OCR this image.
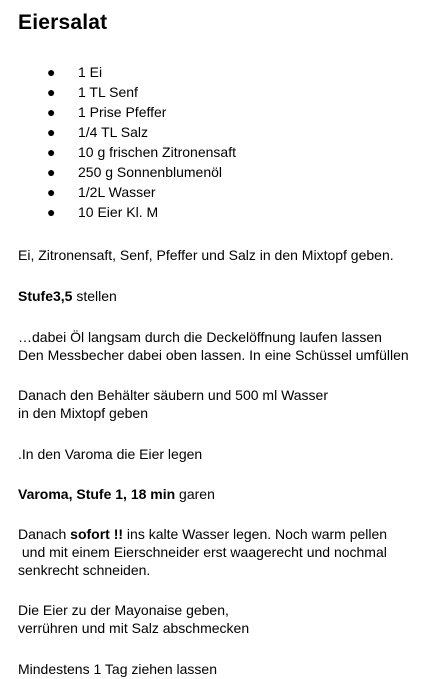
Eiersalat
● 1 Ei
● 1 TL Senf
● 1 Prise Pfeffer
● 1/4 TL Salz
● 10 g frischen Zitronensaft
● 250 g Sonnenblumenöl
● 1/2L Wasser
● 10 Eier Kl. M

Ei, Zitronensaft, Senf, Pfeffer und Salz in den Mixtopf geben.

Stufe3,5 stellen

…dabei Öl langsam durch die Deckelöffnung laufen lassen

Den Messbecher dabei oben lassen. In eine Schüssel umfüllen

Danach den Behälter säubern und 500 ml Wasser

in den Mixtopf geben

.In den Varoma die Eier legen

Varoma, Stufe 1, 18 min garen

Danach sofort !! ins kalte Wasser legen. Noch warm pellen

und mit einem Eierschneider erst waagerecht und nochmal

senkrecht schneiden.

Die Eier zu der Mayonaise geben,

verrühren und mit Salz abschmecken

Mindestens 1 Tag ziehen lassen
